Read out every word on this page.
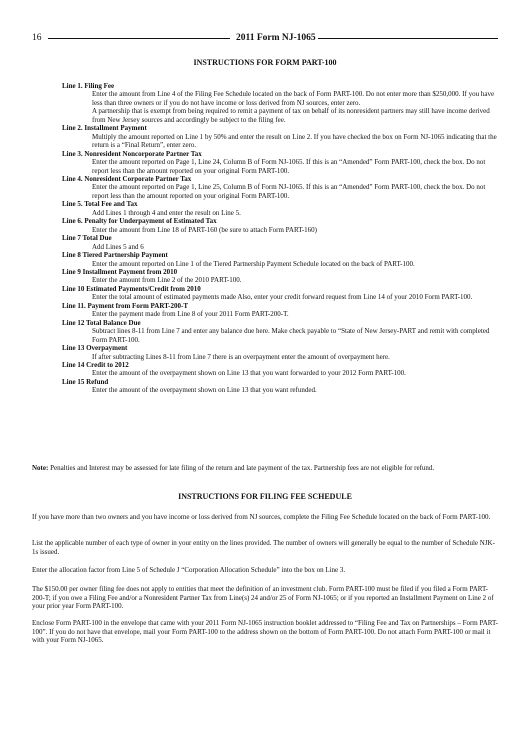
16	2011 Form NJ-1065
INSTRUCTIONS FOR FORM PART-100
Line 1. Filing Fee

Enter the amount from Line 4 of the Filing Fee Schedule located on the back of Form PART-100. Do not enter more than $250,000. If you have less than three owners or if you do not have income or loss derived from NJ sources, enter zero.

A partnership that is exempt from being required to remit a payment of tax on behalf of its nonresident partners may still have income derived from New Jersey sources and accordingly be subject to the filing fee.

Line 2. Installment Payment

Multiply the amount reported on Line 1 by 50% and enter the result on Line 2. If you have checked the box on Form NJ-1065 indicating that the return is a “Final Return”, enter zero.

Line 3. Nonresident Noncorporate Partner Tax

Enter the amount reported on Page 1, Line 24, Column B of Form NJ-1065. If this is an “Amended” Form PART-100, check the box. Do not report less than the amount reported on your original Form PART-100.

Line 4. Nonresident Corporate Partner Tax

Enter the amount reported on Page 1, Line 25, Column B of Form NJ-1065. If this is an “Amended” Form PART-100, check the box. Do not report less than the amount reported on your original Form PART-100.

Line 5. Total Fee and Tax

Add Lines 1 through 4 and enter the result on Line 5.

Line 6. Penalty for Underpayment of Estimated Tax

Enter the amount from Line 18 of PART-160 (be sure to attach Form PART-160)

Line 7 Total Due

Add Lines 5 and 6

Line 8 Tiered Partnership Payment

Enter the amount reported on Line 1 of the Tiered Partnership Payment Schedule located on the back of PART-100.

Line 9 Installment Payment from 2010

Enter the amount from Line 2 of the 2010 PART-100.

Line 10 Estimated Payments/Credit from 2010

Enter the total amount of estimated payments made Also, enter your credit forward request from Line 14 of your 2010 Form PART-100.

Line 11. Payment from Form PART-200-T

Enter the payment made from Line 8 of your 2011 Form PART-200-T.

Line 12 Total Balance Due

Subtract lines 8-11 from Line 7 and enter any balance due here. Make check payable to “State of New Jersey-PART and remit with completed Form PART-100.

Line 13 Overpayment

If after subtracting Lines 8-11 from Line 7 there is an overpayment enter the amount of overpayment here.

Line 14 Credit to 2012

Enter the amount of the overpayment shown on Line 13 that you want forwarded to your 2012 Form PART-100.

Line 15 Refund

Enter the amount of the overpayment shown on Line 13 that you want refunded.

Note: Penalties and Interest may be assessed for late filing of the return and late payment of the tax. Partnership fees are not eligible for refund.

INSTRUCTIONS FOR FILING FEE SCHEDULE

If you have more than two owners and you have income or loss derived from NJ sources, complete the Filing Fee Schedule located on the back of Form PART-100.

List the applicable number of each type of owner in your entity on the lines provided. The number of owners will generally be equal to the number of Schedule NJK-1s issued.

Enter the allocation factor from Line 5 of Schedule J “Corporation Allocation Schedule” into the box on Line 3.

The $150.00 per owner filing fee does not apply to entities that meet the definition of an investment club. Form PART-100 must be filed if you filed a Form PART-200-T; if you owe a Filing Fee and/or a Nonresident Partner Tax from Line(s) 24 and/or 25 of Form NJ-1065; or if you reported an Installment Payment on Line 2 of your prior year Form PART-100.

Enclose Form PART-100 in the envelope that came with your 2011 Form NJ-1065 instruction booklet addressed to “Filing Fee and Tax on Partnerships – Form PART-100”. If you do not have that envelope, mail your Form PART-100 to the address shown on the bottom of Form PART-100. Do not attach Form PART-100 or mail it with your Form NJ-1065.
